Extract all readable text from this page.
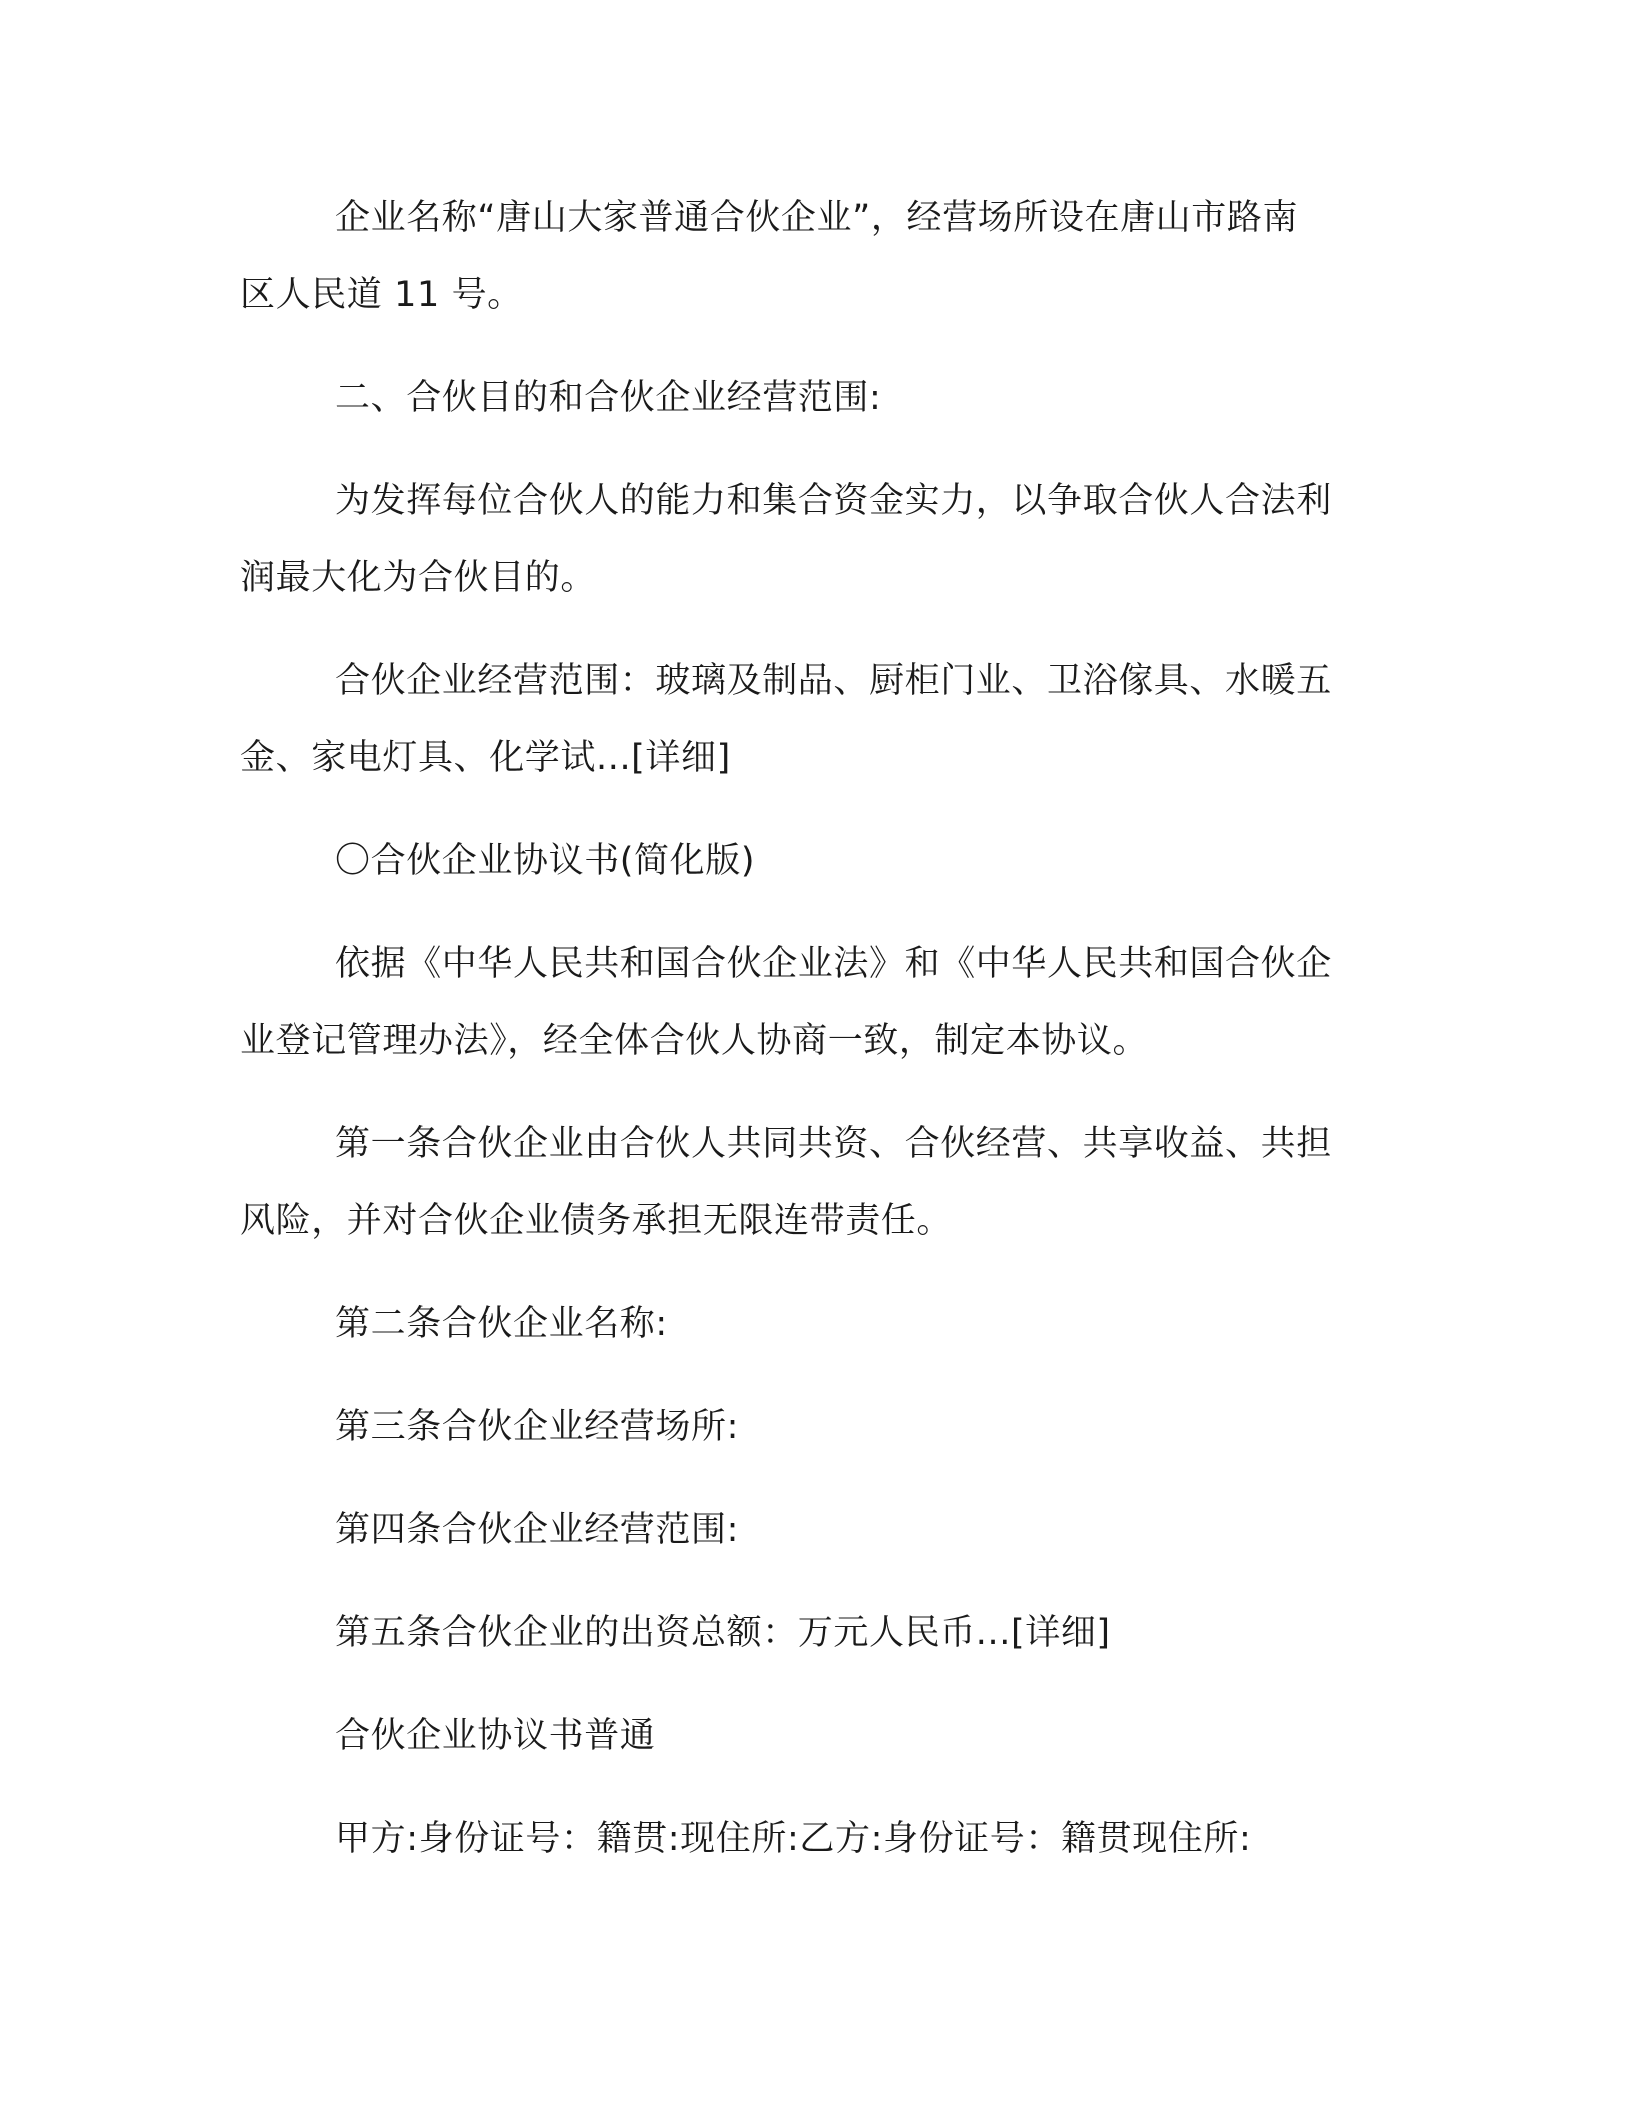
企业名称“唐山大家普通合伙企业”，经营场所设在唐山市路南
区人民道 11 号。
二、合伙目的和合伙企业经营范围:
为发挥每位合伙人的能力和集合资金实力，以争取合伙人合法利
润最大化为合伙目的。
合伙企业经营范围：玻璃及制品、厨柜门业、卫浴傢具、水暖五
金、家电灯具、化学试...[详细]
〇合伙企业协议书(简化版)
依据《中华人民共和国合伙企业法》和《中华人民共和国合伙企
业登记管理办法》，经全体合伙人协商一致，制定本协议。
第一条合伙企业由合伙人共同共资、合伙经营、共享收益、共担
风险，并对合伙企业债务承担无限连带责任。
第二条合伙企业名称:
第三条合伙企业经营场所:
第四条合伙企业经营范围:
第五条合伙企业的出资总额：万元人民币...[详细]
合伙企业协议书普通
甲方:身份证号：籍贯:现住所:乙方:身份证号：籍贯现住所:
